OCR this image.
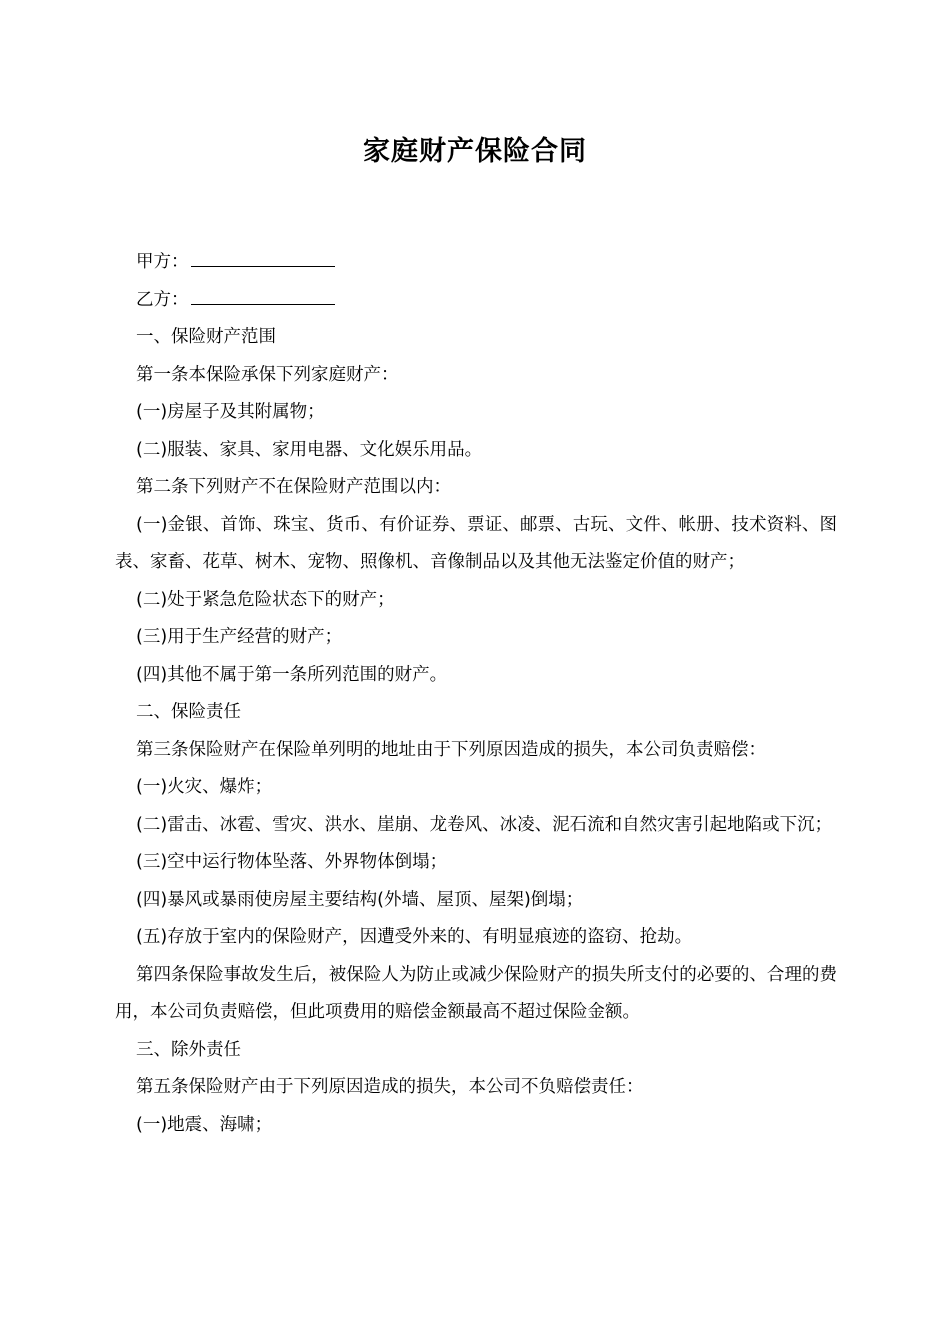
家庭财产保险合同

甲方：

乙方：

一、保险财产范围

第一条本保险承保下列家庭财产：

(一)房屋子及其附属物；

(二)服装、家具、家用电器、文化娱乐用品。

第二条下列财产不在保险财产范围以内：

(一)金银、首饰、珠宝、货币、有价证券、票证、邮票、古玩、文件、帐册、技术资料、图表、家畜、花草、树木、宠物、照像机、音像制品以及其他无法鉴定价值的财产；

(二)处于紧急危险状态下的财产；

(三)用于生产经营的财产；

(四)其他不属于第一条所列范围的财产。

二、保险责任

第三条保险财产在保险单列明的地址由于下列原因造成的损失，本公司负责赔偿：

(一)火灾、爆炸；

(二)雷击、冰雹、雪灾、洪水、崖崩、龙卷风、冰凌、泥石流和自然灾害引起地陷或下沉；

(三)空中运行物体坠落、外界物体倒塌；

(四)暴风或暴雨使房屋主要结构(外墙、屋顶、屋架)倒塌；

(五)存放于室内的保险财产，因遭受外来的、有明显痕迹的盗窃、抢劫。

第四条保险事故发生后，被保险人为防止或减少保险财产的损失所支付的必要的、合理的费用，本公司负责赔偿，但此项费用的赔偿金额最高不超过保险金额。

三、除外责任

第五条保险财产由于下列原因造成的损失，本公司不负赔偿责任：

(一)地震、海啸；
